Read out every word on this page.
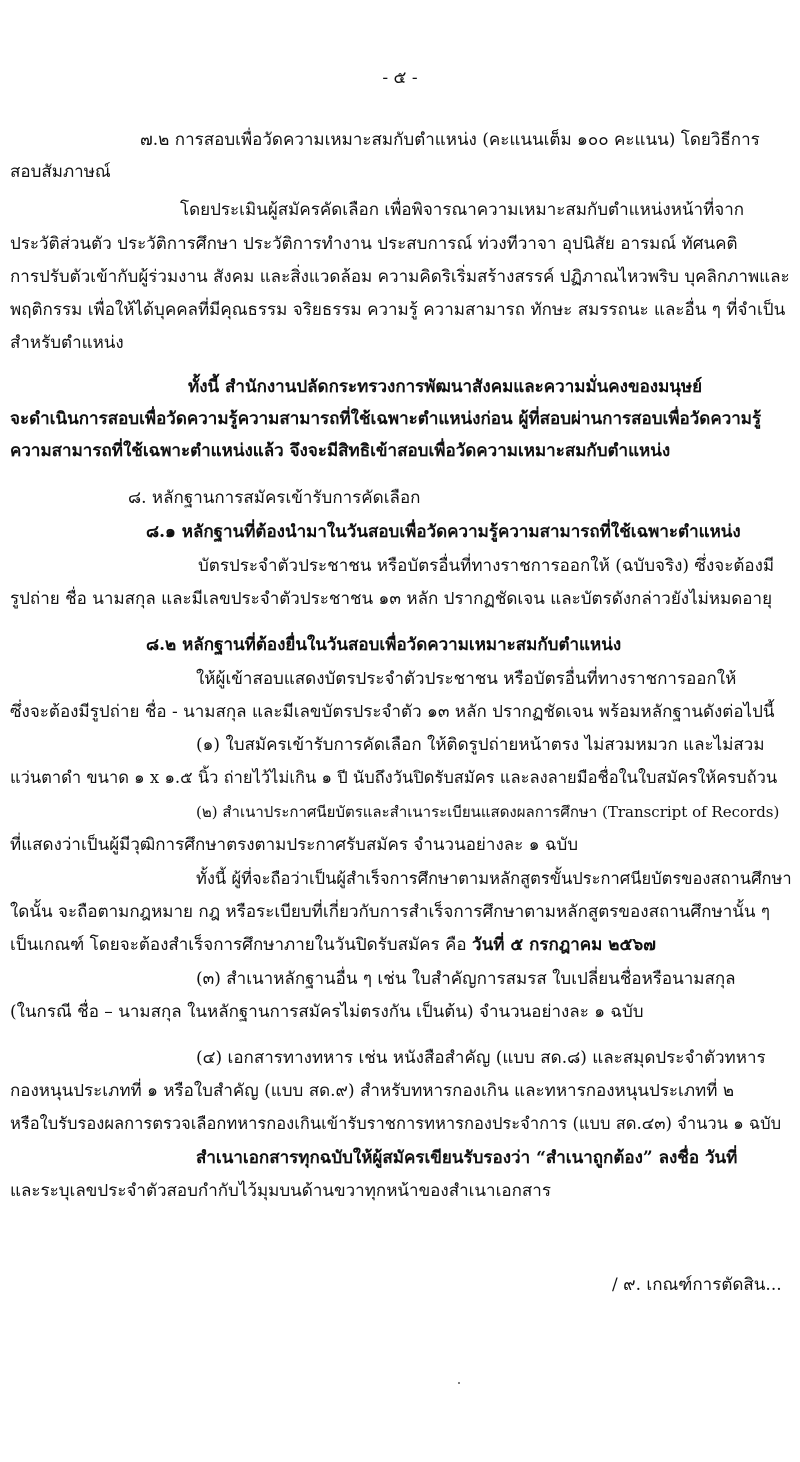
- ๕ -
๗.๒ การสอบเพื่อวัดความเหมาะสมกับตำแหน่ง (คะแนนเต็ม ๑๐๐ คะแนน) โดยวิธีการ
สอบสัมภาษณ์
โดยประเมินผู้สมัครคัดเลือก เพื่อพิจารณาความเหมาะสมกับตำแหน่งหน้าที่จาก
ประวัติส่วนตัว ประวัติการศึกษา ประวัติการทำงาน ประสบการณ์ ท่วงทีวาจา อุปนิสัย อารมณ์ ทัศนคติ
การปรับตัวเข้ากับผู้ร่วมงาน สังคม และสิ่งแวดล้อม ความคิดริเริ่มสร้างสรรค์ ปฏิภาณไหวพริบ บุคลิกภาพและ
พฤติกรรม เพื่อให้ได้บุคคลที่มีคุณธรรม จริยธรรม ความรู้ ความสามารถ ทักษะ สมรรถนะ และอื่น ๆ ที่จำเป็น
สำหรับตำแหน่ง
ทั้งนี้ สำนักงานปลัดกระทรวงการพัฒนาสังคมและความมั่นคงของมนุษย์
จะดำเนินการสอบเพื่อวัดความรู้ความสามารถที่ใช้เฉพาะตำแหน่งก่อน ผู้ที่สอบผ่านการสอบเพื่อวัดความรู้
ความสามารถที่ใช้เฉพาะตำแหน่งแล้ว จึงจะมีสิทธิเข้าสอบเพื่อวัดความเหมาะสมกับตำแหน่ง
๘. หลักฐานการสมัครเข้ารับการคัดเลือก
๘.๑ หลักฐานที่ต้องนำมาในวันสอบเพื่อวัดความรู้ความสามารถที่ใช้เฉพาะตำแหน่ง
บัตรประจำตัวประชาชน หรือบัตรอื่นที่ทางราชการออกให้ (ฉบับจริง) ซึ่งจะต้องมี
รูปถ่าย ชื่อ นามสกุล และมีเลขประจำตัวประชาชน ๑๓ หลัก ปรากฏชัดเจน และบัตรดังกล่าวยังไม่หมดอายุ
๘.๒ หลักฐานที่ต้องยื่นในวันสอบเพื่อวัดความเหมาะสมกับตำแหน่ง
ให้ผู้เข้าสอบแสดงบัตรประจำตัวประชาชน หรือบัตรอื่นที่ทางราชการออกให้
ซึ่งจะต้องมีรูปถ่าย ชื่อ - นามสกุล และมีเลขบัตรประจำตัว ๑๓ หลัก ปรากฏชัดเจน พร้อมหลักฐานดังต่อไปนี้
(๑) ใบสมัครเข้ารับการคัดเลือก ให้ติดรูปถ่ายหน้าตรง ไม่สวมหมวก และไม่สวม
แว่นตาดำ ขนาด ๑ x ๑.๕ นิ้ว ถ่ายไว้ไม่เกิน ๑ ปี นับถึงวันปิดรับสมัคร และลงลายมือชื่อในใบสมัครให้ครบถ้วน
(๒) สำเนาประกาศนียบัตรและสำเนาระเบียนแสดงผลการศึกษา (Transcript of Records)
ที่แสดงว่าเป็นผู้มีวุฒิการศึกษาตรงตามประกาศรับสมัคร จำนวนอย่างละ ๑ ฉบับ
ทั้งนี้ ผู้ที่จะถือว่าเป็นผู้สำเร็จการศึกษาตามหลักสูตรขั้นประกาศนียบัตรของสถานศึกษา
ใดนั้น จะถือตามกฎหมาย กฎ หรือระเบียบที่เกี่ยวกับการสำเร็จการศึกษาตามหลักสูตรของสถานศึกษานั้น ๆ
เป็นเกณฑ์ โดยจะต้องสำเร็จการศึกษาภายในวันปิดรับสมัคร คือ วันที่ ๕ กรกฎาคม ๒๕๖๗
(๓) สำเนาหลักฐานอื่น ๆ เช่น ใบสำคัญการสมรส ใบเปลี่ยนชื่อหรือนามสกุล
(ในกรณี ชื่อ – นามสกุล ในหลักฐานการสมัครไม่ตรงกัน เป็นต้น) จำนวนอย่างละ ๑ ฉบับ
(๔) เอกสารทางทหาร เช่น หนังสือสำคัญ (แบบ สด.๘) และสมุดประจำตัวทหาร
กองหนุนประเภทที่ ๑ หรือใบสำคัญ (แบบ สด.๙) สำหรับทหารกองเกิน และทหารกองหนุนประเภทที่ ๒
หรือใบรับรองผลการตรวจเลือกทหารกองเกินเข้ารับราชการทหารกองประจำการ (แบบ สด.๔๓) จำนวน ๑ ฉบับ
สำเนาเอกสารทุกฉบับให้ผู้สมัครเขียนรับรองว่า “สำเนาถูกต้อง” ลงชื่อ วันที่
และระบุเลขประจำตัวสอบกำกับไว้มุมบนด้านขวาทุกหน้าของสำเนาเอกสาร
/ ๙. เกณฑ์การตัดสิน...
